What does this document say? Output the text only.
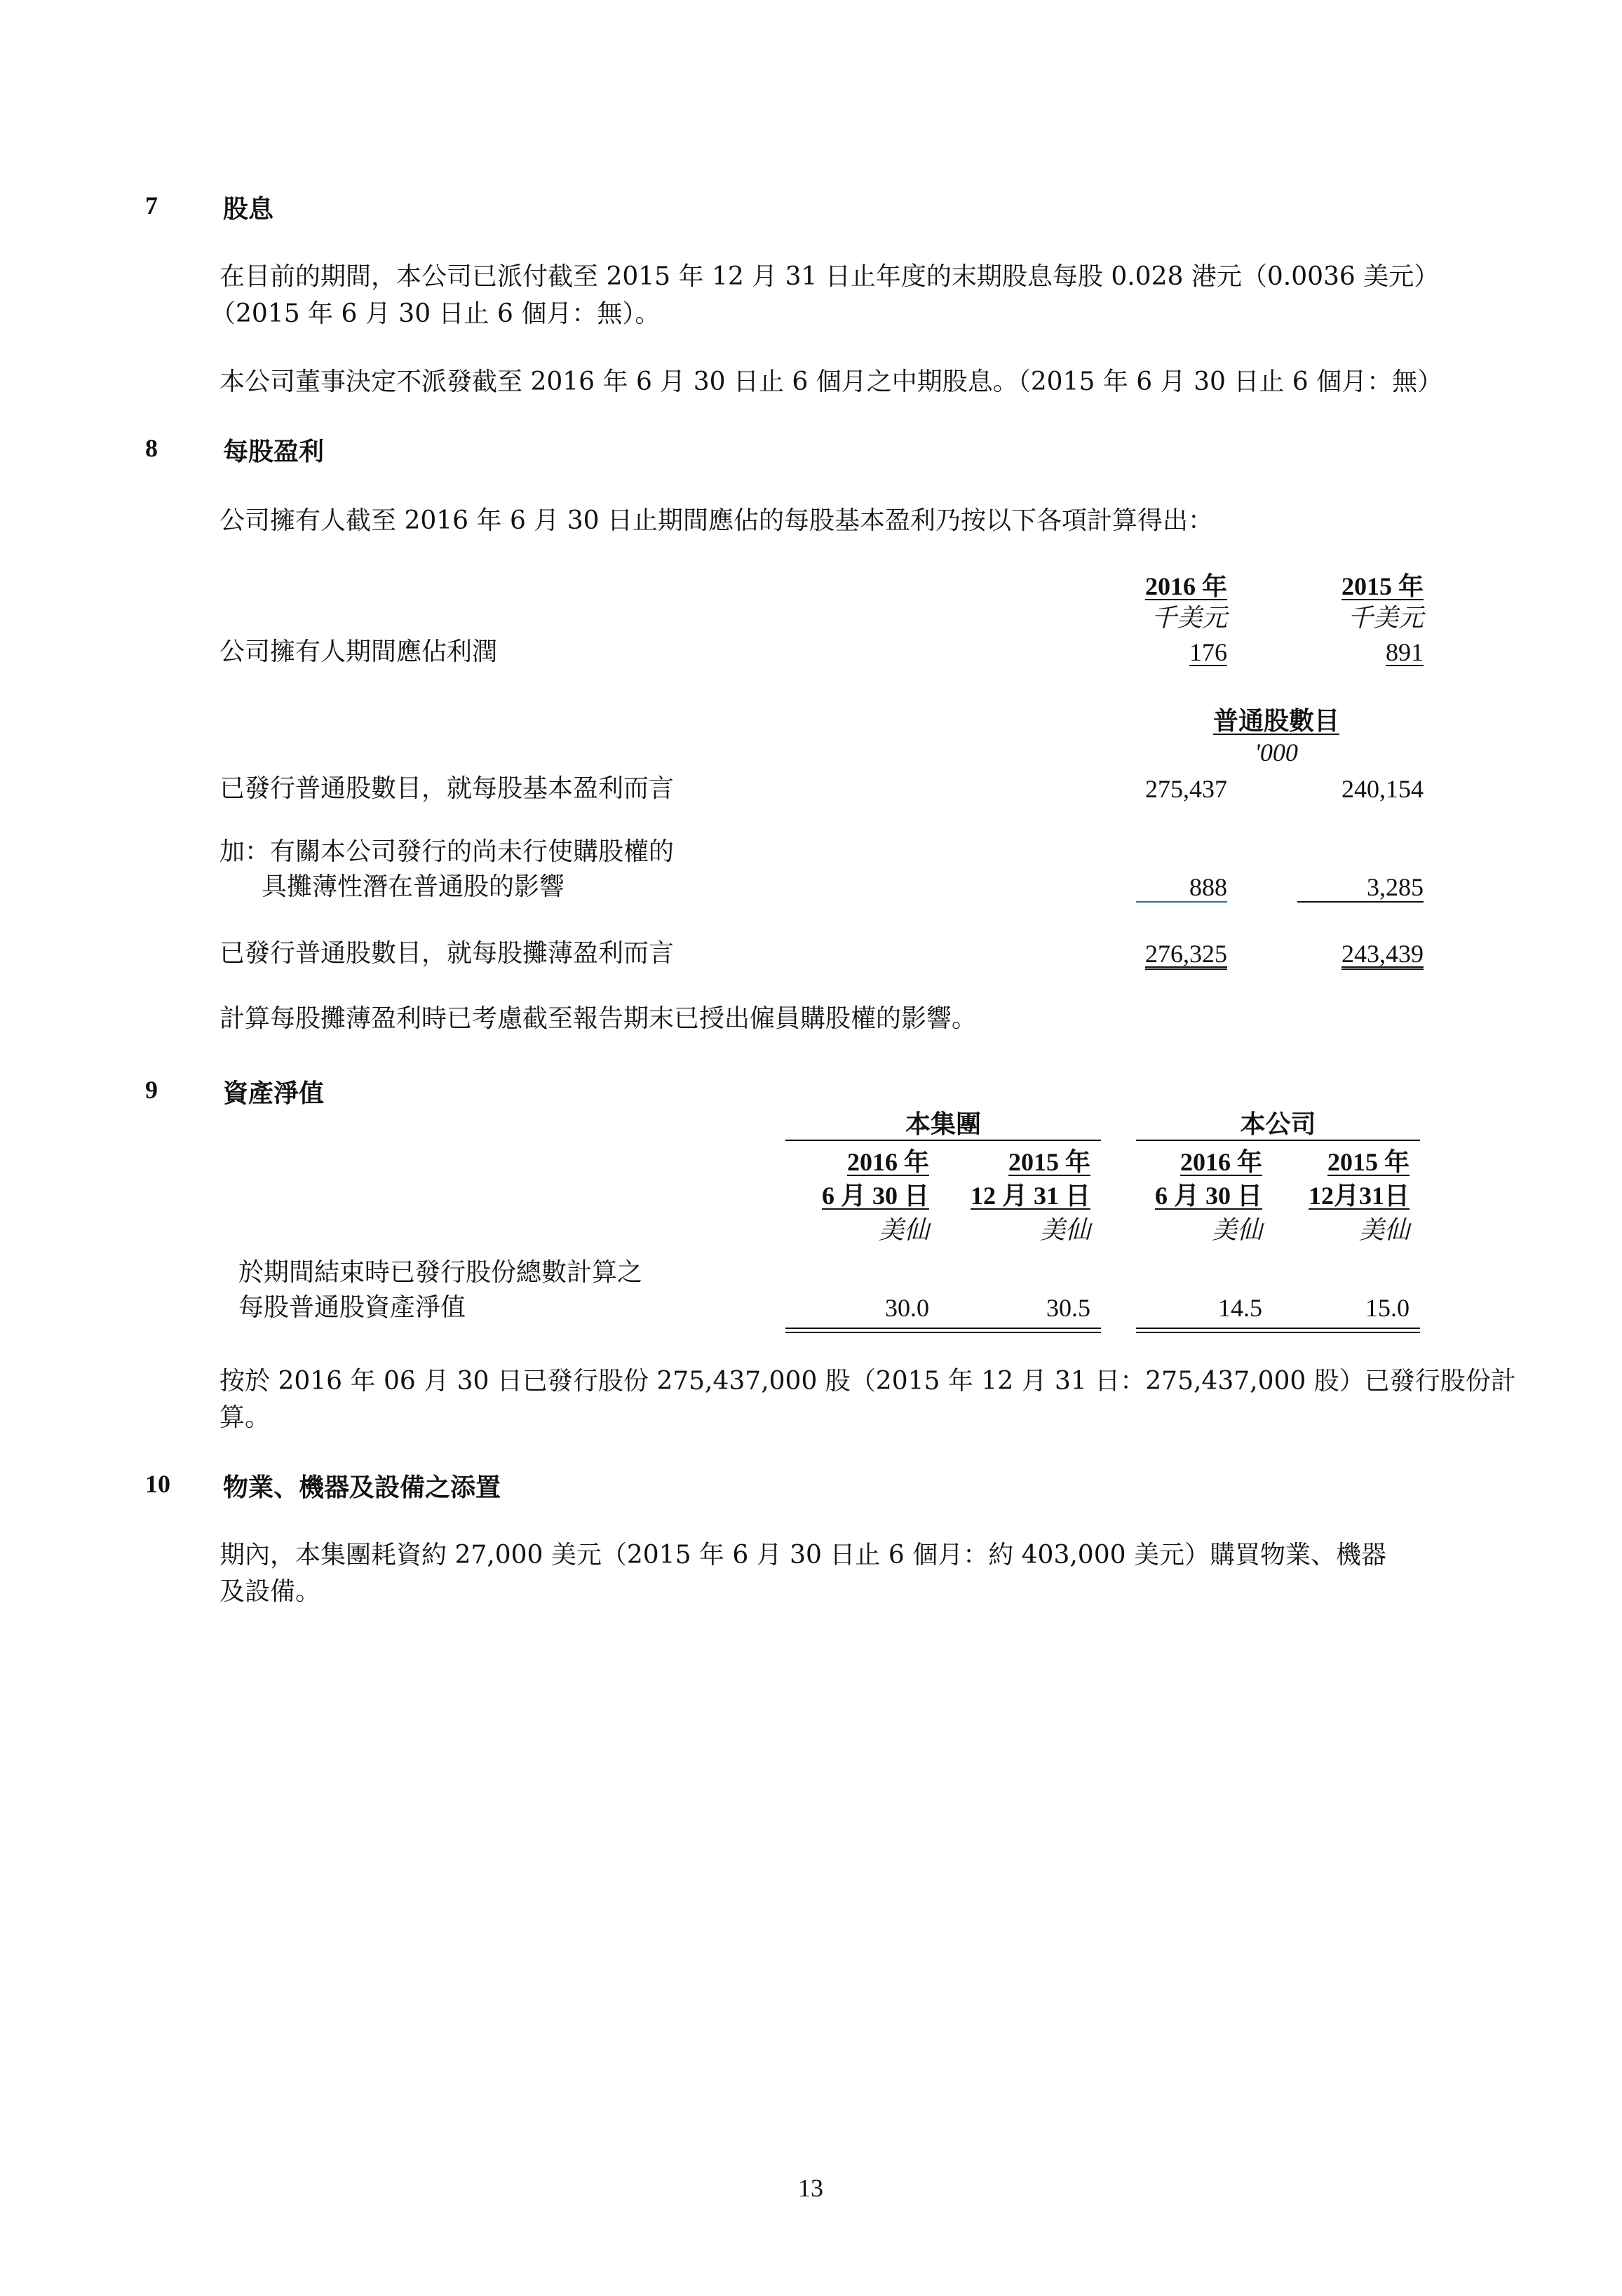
7	股息
在目前的期間，本公司已派付截至 2015 年 12 月 31 日止年度的末期股息每股 0.028 港元（0.0036 美元）
（2015 年 6 月 30 日止 6 個月：無）。
本公司董事決定不派發截至 2016 年 6 月 30 日止 6 個月之中期股息。（2015 年 6 月 30 日止 6 個月：無）
8	每股盈利
公司擁有人截至 2016 年 6 月 30 日止期間應佔的每股基本盈利乃按以下各項計算得出：
2016 年	2015 年
千美元	千美元
公司擁有人期間應佔利潤	176	891
普通股數目
'000
已發行普通股數目，就每股基本盈利而言	275,437	240,154
加：有關本公司發行的尚未行使購股權的
具攤薄性潛在普通股的影響	888	3,285
已發行普通股數目，就每股攤薄盈利而言	276,325	243,439
計算每股攤薄盈利時已考慮截至報告期末已授出僱員購股權的影響。
9	資產淨值
本集團	本公司
2016 年	2015 年	2016 年	2015 年
6 月 30 日	12 月 31 日	6 月 30 日	12月31日
美仙	美仙	美仙	美仙
於期間結束時已發行股份總數計算之
每股普通股資產淨值	30.0	30.5	14.5	15.0
按於 2016 年 06 月 30 日已發行股份 275,437,000 股（2015 年 12 月 31 日：275,437,000 股）已發行股份計
算。
10 物業、機器及設備之添置
期內，本集團耗資約 27,000 美元（2015 年 6 月 30 日止 6 個月：約 403,000 美元）購買物業、機器
及設備。
13
